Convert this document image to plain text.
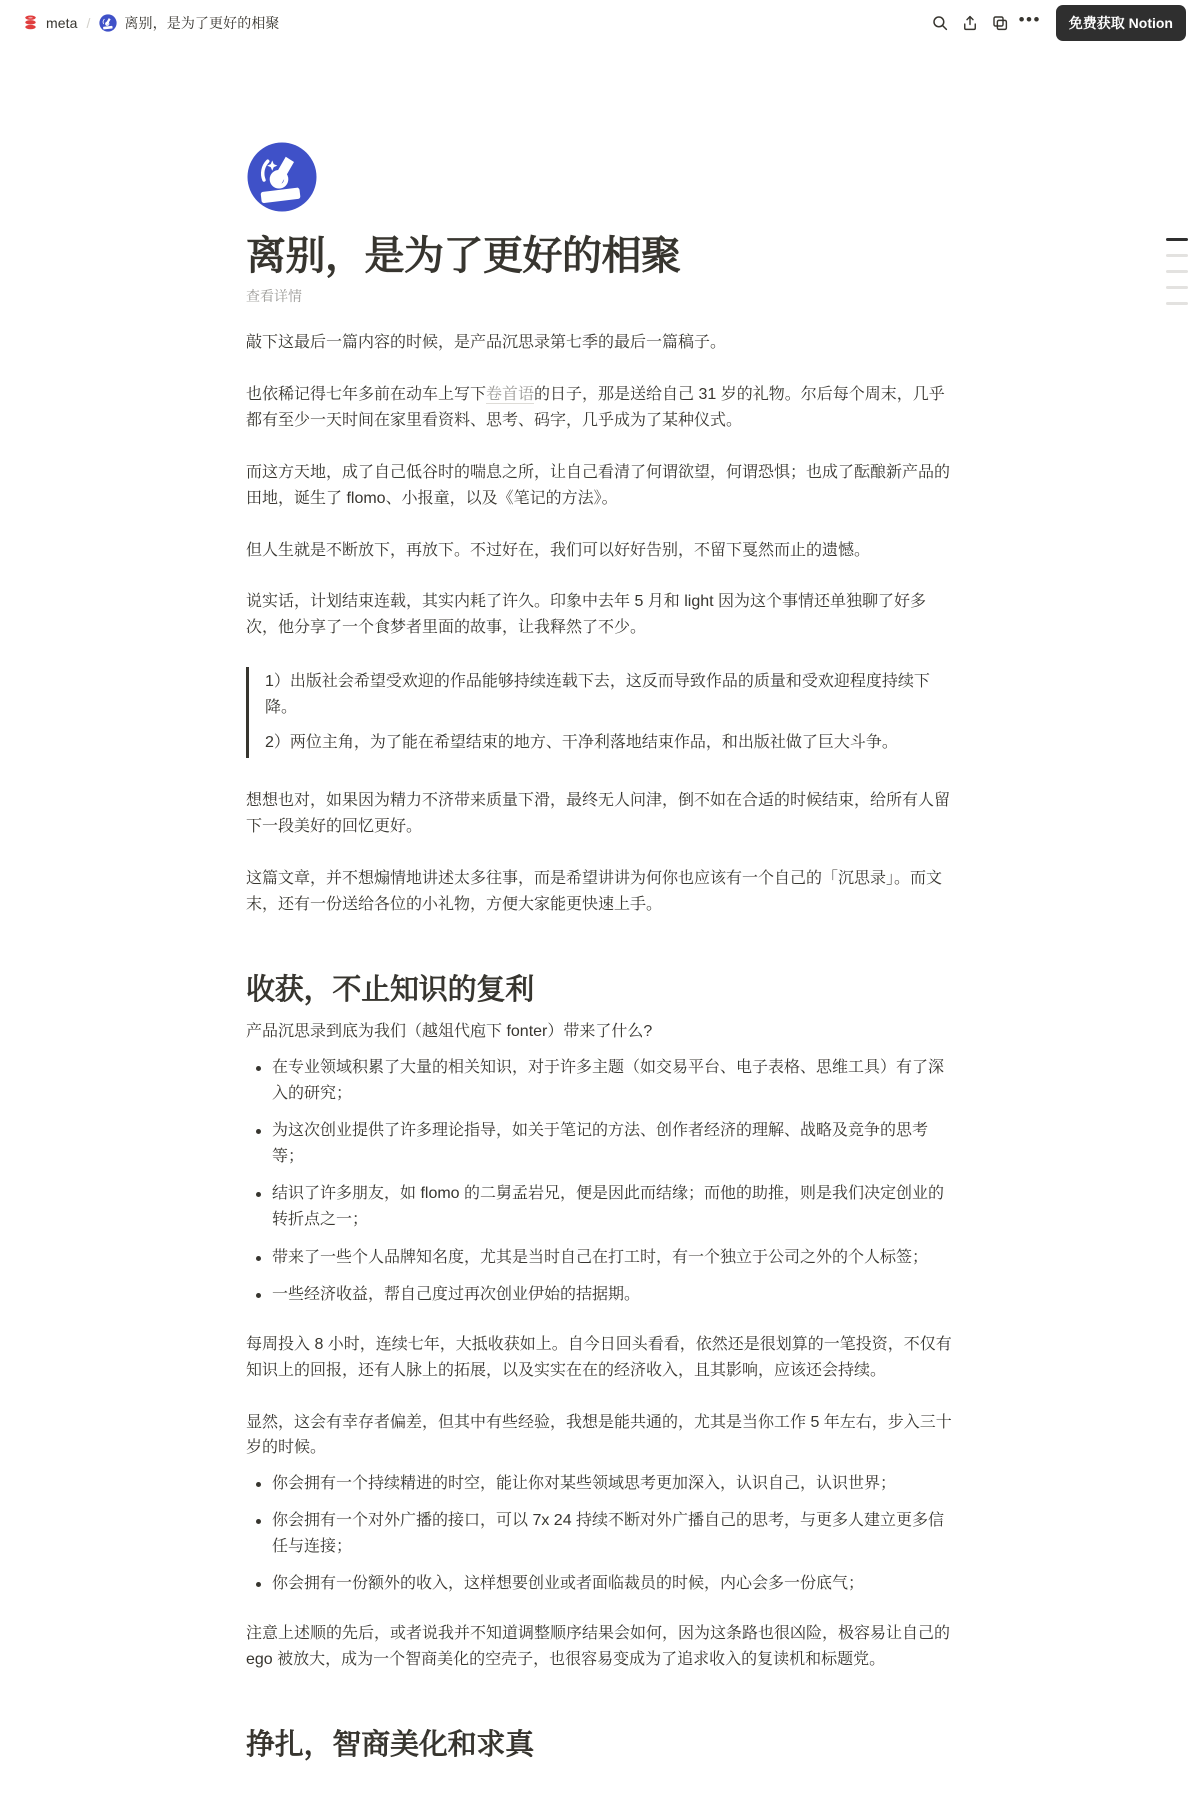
meta / 离别，是为了更好的相聚	•••	免费获取 Notion
离别，是为了更好的相聚
查看详情

敲下这最后一篇内容的时候，是产品沉思录第七季的最后一篇稿子。

也依稀记得七年多前在动车上写下卷首语的日子，那是送给自己 31 岁的礼物。尔后每个周末，几乎都有至少一天时间在家里看资料、思考、码字，几乎成为了某种仪式。

而这方天地，成了自己低谷时的喘息之所，让自己看清了何谓欲望，何谓恐惧；也成了酝酿新产品的田地，诞生了 flomo、小报童，以及《笔记的方法》。

但人生就是不断放下，再放下。不过好在，我们可以好好告别，不留下戛然而止的遗憾。

说实话，计划结束连载，其实内耗了许久。印象中去年 5 月和 light 因为这个事情还单独聊了好多次，他分享了一个食梦者里面的故事，让我释然了不少。

1）出版社会希望受欢迎的作品能够持续连载下去，这反而导致作品的质量和受欢迎程度持续下降。

2）两位主角，为了能在希望结束的地方、干净利落地结束作品，和出版社做了巨大斗争。

想想也对，如果因为精力不济带来质量下滑，最终无人问津，倒不如在合适的时候结束，给所有人留下一段美好的回忆更好。

这篇文章，并不想煽情地讲述太多往事，而是希望讲讲为何你也应该有一个自己的「沉思录」。而文末，还有一份送给各位的小礼物，方便大家能更快速上手。

收获，不止知识的复利

产品沉思录到底为我们（越俎代庖下 fonter）带来了什么?

在专业领域积累了大量的相关知识，对于许多主题（如交易平台、电子表格、思维工具）有了深入的研究；
为这次创业提供了许多理论指导，如关于笔记的方法、创作者经济的理解、战略及竞争的思考等；
结识了许多朋友，如 flomo 的二舅孟岩兄，便是因此而结缘；而他的助推，则是我们决定创业的转折点之一；
带来了一些个人品牌知名度，尤其是当时自己在打工时，有一个独立于公司之外的个人标签；
一些经济收益，帮自己度过再次创业伊始的拮据期。

每周投入 8 小时，连续七年，大抵收获如上。自今日回头看看，依然还是很划算的一笔投资，不仅有知识上的回报，还有人脉上的拓展，以及实实在在的经济收入，且其影响，应该还会持续。

显然，这会有幸存者偏差，但其中有些经验，我想是能共通的，尤其是当你工作 5 年左右，步入三十岁的时候。

你会拥有一个持续精进的时空，能让你对某些领域思考更加深入，认识自己，认识世界；
你会拥有一个对外广播的接口，可以 7x 24 持续不断对外广播自己的思考，与更多人建立更多信任与连接；
你会拥有一份额外的收入，这样想要创业或者面临裁员的时候，内心会多一份底气；

注意上述顺的先后，或者说我并不知道调整顺序结果会如何，因为这条路也很凶险，极容易让自己的 ego 被放大，成为一个智商美化的空壳子，也很容易变成为了追求收入的复读机和标题党。

挣扎，智商美化和求真
